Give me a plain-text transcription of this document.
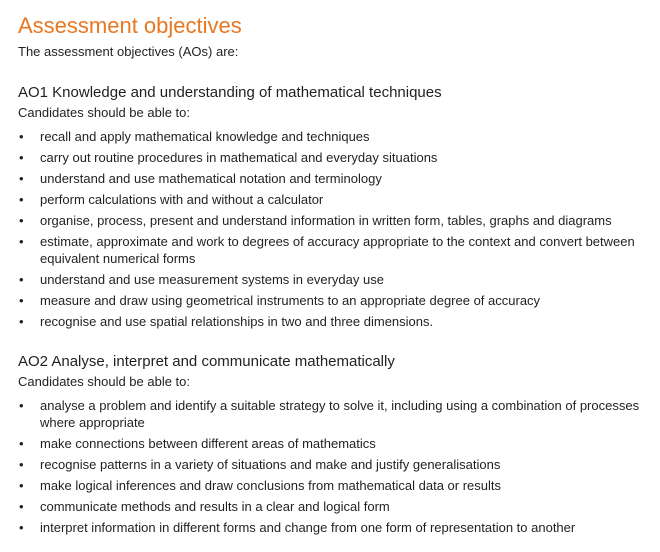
Assessment objectives

The assessment objectives (AOs) are:

AO1 Knowledge and understanding of mathematical techniques

Candidates should be able to:

• recall and apply mathematical knowledge and techniques
• carry out routine procedures in mathematical and everyday situations
• understand and use mathematical notation and terminology
• perform calculations with and without a calculator
• organise, process, present and understand information in written form, tables, graphs and diagrams
• estimate, approximate and work to degrees of accuracy appropriate to the context and convert between equivalent numerical forms
• understand and use measurement systems in everyday use
• measure and draw using geometrical instruments to an appropriate degree of accuracy
• recognise and use spatial relationships in two and three dimensions.
AO2 Analyse, interpret and communicate mathematically

Candidates should be able to:

• analyse a problem and identify a suitable strategy to solve it, including using a combination of processes where appropriate
• make connections between different areas of mathematics
• recognise patterns in a variety of situations and make and justify generalisations
• make logical inferences and draw conclusions from mathematical data or results
• communicate methods and results in a clear and logical form
• interpret information in different forms and change from one form of representation to another
